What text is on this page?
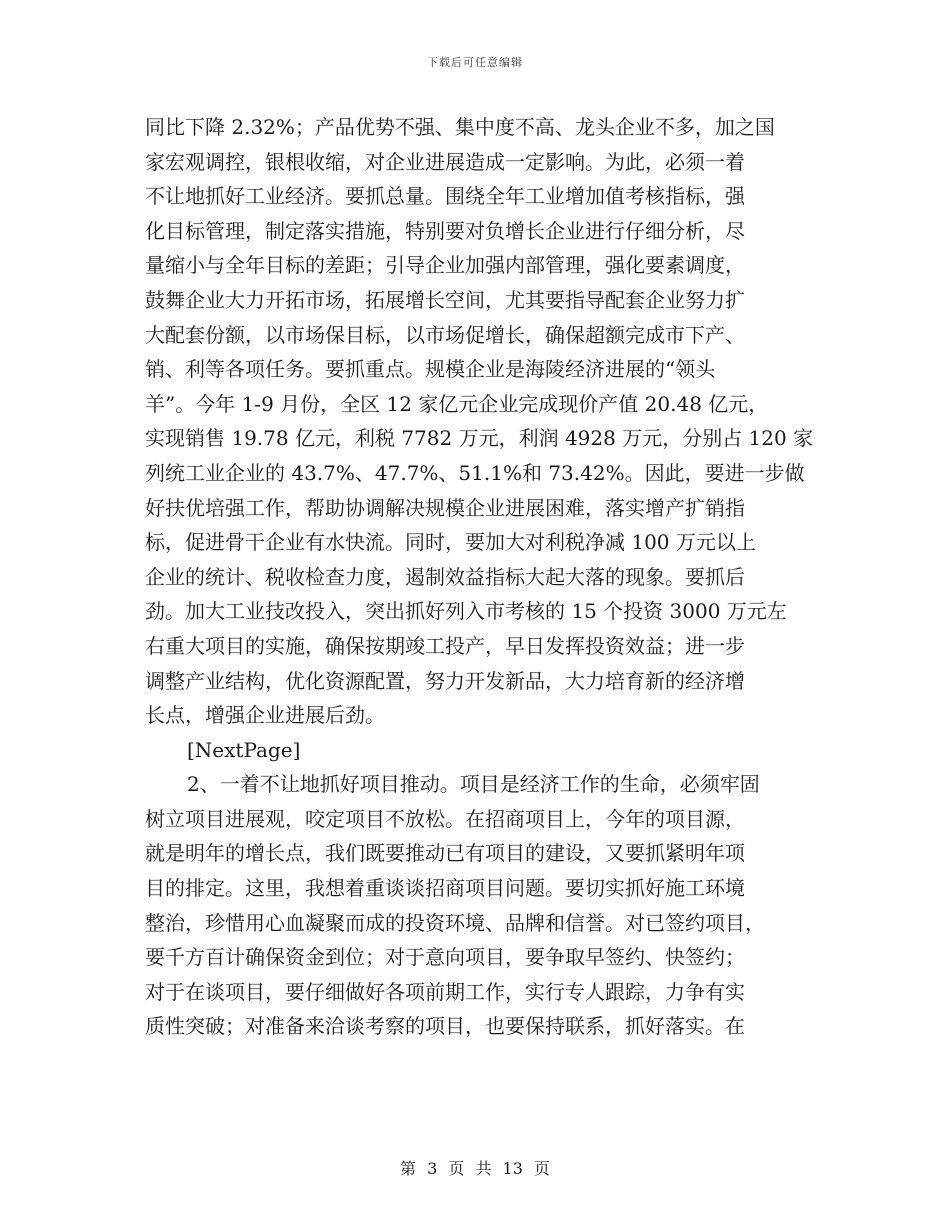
下载后可任意编辑
同比下降 2.32%；产品优势不强、集中度不高、龙头企业不多，加之国
家宏观调控，银根收缩，对企业进展造成一定影响。为此，必须一着
不让地抓好工业经济。要抓总量。围绕全年工业增加值考核指标，强
化目标管理，制定落实措施，特别要对负增长企业进行仔细分析，尽
量缩小与全年目标的差距；引导企业加强内部管理，强化要素调度，
鼓舞企业大力开拓市场，拓展增长空间，尤其要指导配套企业努力扩
大配套份额，以市场保目标，以市场促增长，确保超额完成市下产、
销、利等各项任务。要抓重点。规模企业是海陵经济进展的“领头
羊”。今年 1-9 月份，全区 12 家亿元企业完成现价产值 20.48 亿元，
实现销售 19.78 亿元，利税 7782 万元，利润 4928 万元，分别占 120 家
列统工业企业的 43.7%、47.7%、51.1%和 73.42%。因此，要进一步做
好扶优培强工作，帮助协调解决规模企业进展困难，落实增产扩销指
标，促进骨干企业有水快流。同时，要加大对利税净减 100 万元以上
企业的统计、税收检查力度，遏制效益指标大起大落的现象。要抓后
劲。加大工业技改投入，突出抓好列入市考核的 15 个投资 3000 万元左
右重大项目的实施，确保按期竣工投产，早日发挥投资效益；进一步
调整产业结构，优化资源配置，努力开发新品，大力培育新的经济增
长点，增强企业进展后劲。
[NextPage]
2、一着不让地抓好项目推动。项目是经济工作的生命，必须牢固
树立项目进展观，咬定项目不放松。在招商项目上，今年的项目源，
就是明年的增长点，我们既要推动已有项目的建设，又要抓紧明年项
目的排定。这里，我想着重谈谈招商项目问题。要切实抓好施工环境
整治，珍惜用心血凝聚而成的投资环境、品牌和信誉。对已签约项目，
要千方百计确保资金到位；对于意向项目，要争取早签约、快签约；
对于在谈项目，要仔细做好各项前期工作，实行专人跟踪，力争有实
质性突破；对准备来洽谈考察的项目，也要保持联系，抓好落实。在
第 3 页 共 13 页
